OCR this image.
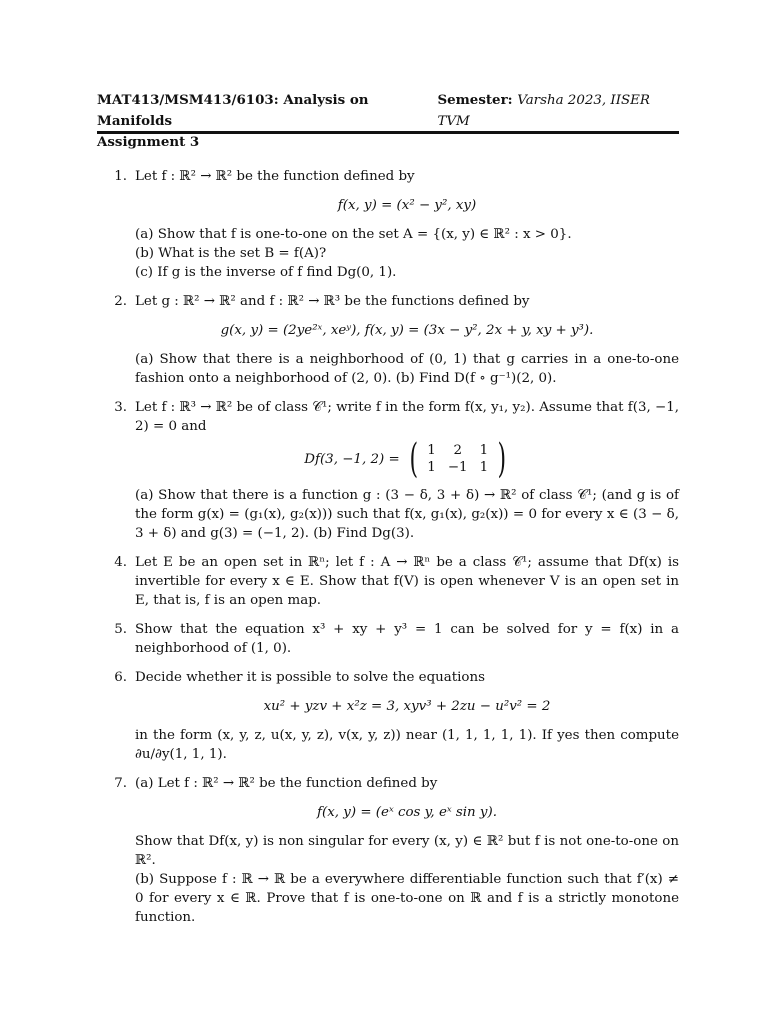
MAT413/MSM413/6103: Analysis on Manifolds
Semester: Varsha 2023, IISER TVM
Assignment 3
1. Let f : ℝ² → ℝ² be the function defined by

f(x, y) = (x² − y², xy)

(a) Show that f is one-to-one on the set A = {(x, y) ∈ ℝ² : x > 0}.

(b) What is the set B = f(A)?

(c) If g is the inverse of f find Dg(0, 1).

2. Let g : ℝ² → ℝ² and f : ℝ² → ℝ³ be the functions defined by

g(x, y) = (2ye²ˣ, xeʸ), f(x, y) = (3x − y², 2x + y, xy + y³).

(a) Show that there is a neighborhood of (0, 1) that g carries in a one-to-one fashion onto a neighborhood of (2, 0). (b) Find D(f ∘ g⁻¹)(2, 0).

3. Let f : ℝ³ → ℝ² be of class 𝒞¹; write f in the form f(x, y₁, y₂). Assume that f(3, −1, 2) = 0 and

Df(3, −1, 2) = ( 1	2	1
1	−1	1 )

(a) Show that there is a function g : (3 − δ, 3 + δ) → ℝ² of class 𝒞¹; (and g is of the form g(x) = (g₁(x), g₂(x))) such that f(x, g₁(x), g₂(x)) = 0 for every x ∈ (3 − δ, 3 + δ) and g(3) = (−1, 2). (b) Find Dg(3).

4. Let E be an open set in ℝⁿ; let f : A → ℝⁿ be a class 𝒞¹; assume that Df(x) is invertible for every x ∈ E. Show that f(V) is open whenever V is an open set in E, that is, f is an open map.

5. Show that the equation x³ + xy + y³ = 1 can be solved for y = f(x) in a neighborhood of (1, 0).

6. Decide whether it is possible to solve the equations

xu² + yzv + x²z = 3, xyv³ + 2zu − u²v² = 2

in the form (x, y, z, u(x, y, z), v(x, y, z)) near (1, 1, 1, 1, 1). If yes then compute ∂u/∂y(1, 1, 1).

7. (a) Let f : ℝ² → ℝ² be the function defined by

f(x, y) = (eˣ cos y, eˣ sin y).

Show that Df(x, y) is non singular for every (x, y) ∈ ℝ² but f is not one-to-one on ℝ².

(b) Suppose f : ℝ → ℝ be a everywhere differentiable function such that f′(x) ≠ 0 for every x ∈ ℝ. Prove that f is one-to-one on ℝ and f is a strictly monotone function.
